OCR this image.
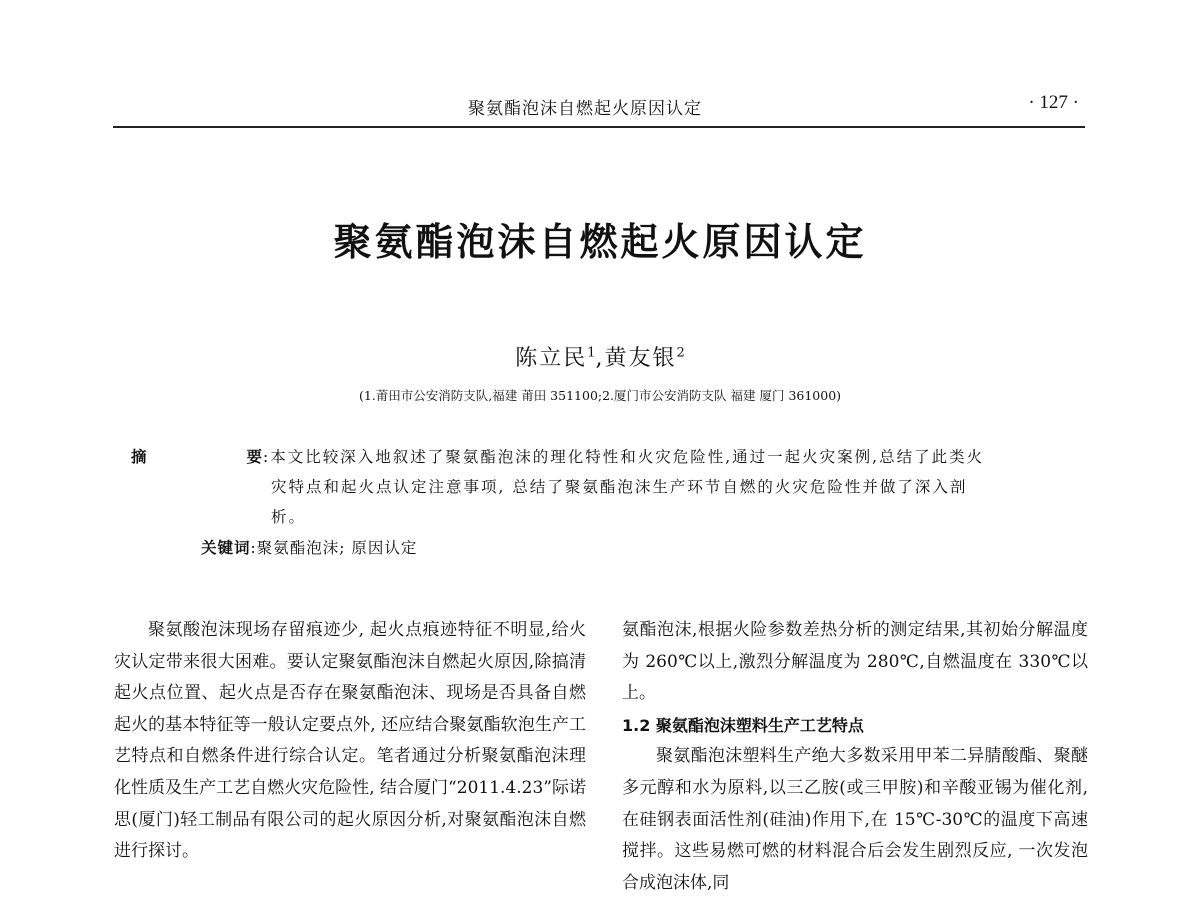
聚氨酯泡沫自燃起火原因认定	· 127 ·
聚氨酯泡沫自燃起火原因认定
陈立民$^1$,黄友银$^2$
(1.莆田市公安消防支队,福建 莆田 351100;2.厦门市公安消防支队 福建 厦门 361000)
摘　要:本文比较深入地叙述了聚氨酯泡沫的理化特性和火灾危险性,通过一起火灾案例,总结了此类火灾特点和起火点认定注意事项, 总结了聚氨酯泡沫生产环节自燃的火灾危险性并做了深入剖析。
关键词:聚氨酯泡沫; 原因认定

聚氨酸泡沫现场存留痕迹少, 起火点痕迹特征不明显,给火灾认定带来很大困难。要认定聚氨酯泡沫自燃起火原因,除搞清起火点位置、起火点是否存在聚氨酯泡沫、现场是否具备自燃起火的基本特征等一般认定要点外, 还应结合聚氨酯软泡生产工艺特点和自燃条件进行综合认定。笔者通过分析聚氨酯泡沫理化性质及生产工艺自燃火灾危险性, 结合厦门“2011.4.23”际诺思(厦门)轻工制品有限公司的起火原因分析,对聚氨酯泡沫自燃进行探讨。

氨酯泡沫,根据火险参数差热分析的测定结果,其初始分解温度为 260℃以上,激烈分解温度为 280℃,自燃温度在 330℃以上。

1.2 聚氨酯泡沫塑料生产工艺特点

聚氨酯泡沫塑料生产绝大多数采用甲苯二异腈酸酯、聚醚多元醇和水为原料,以三乙胺(或三甲胺)和辛酸亚锡为催化剂,在硅钢表面活性剂(硅油)作用下,在 15℃-30℃的温度下高速搅拌。这些易燃可燃的材料混合后会发生剧烈反应, 一次发泡合成泡沫体,同
